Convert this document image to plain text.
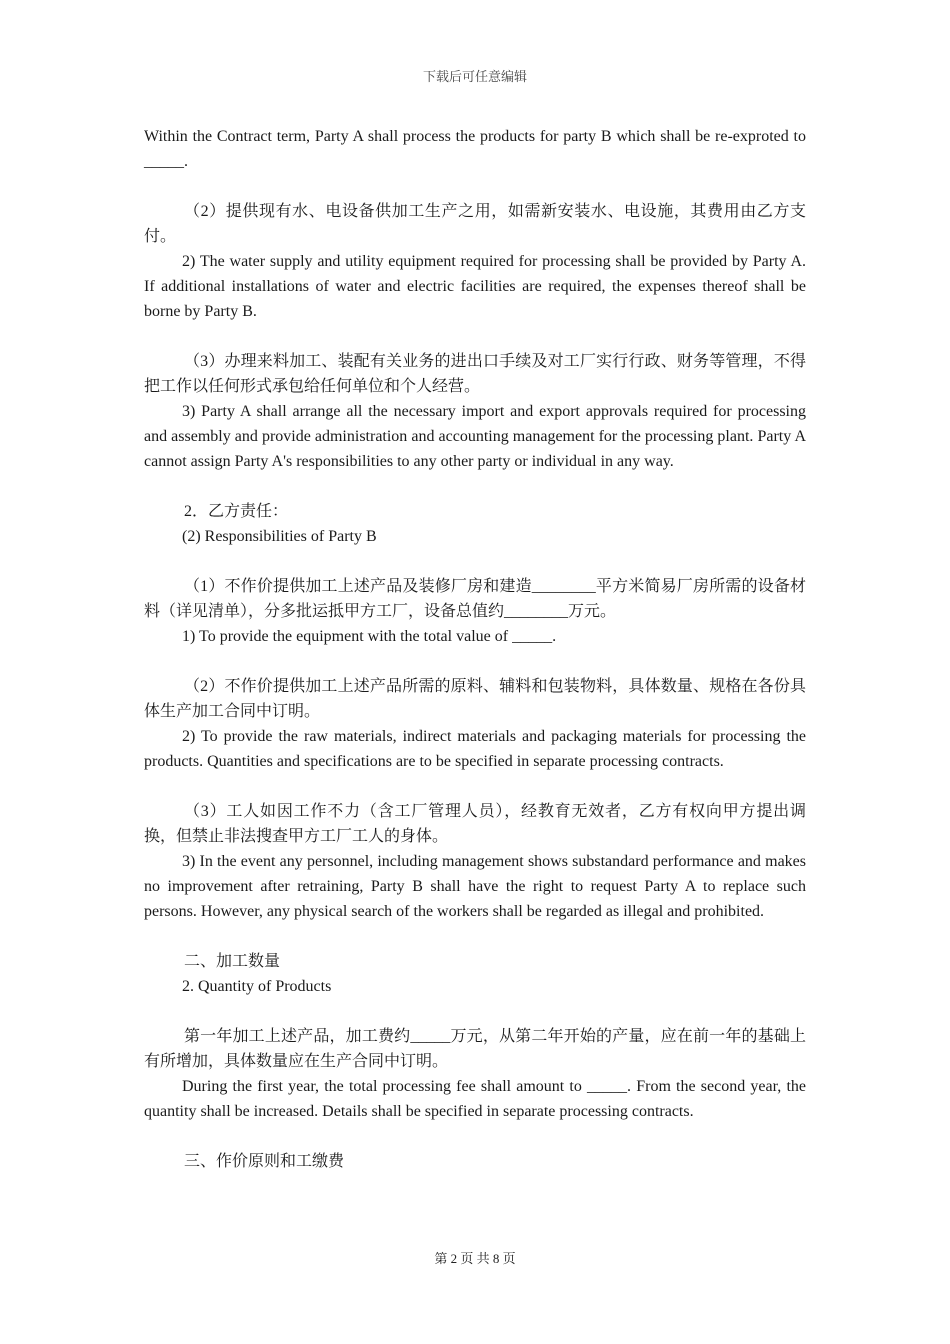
下载后可任意编辑

Within the Contract term, Party A shall process the products for party B which shall be re-exproted to _____.

（2）提供现有水、电设备供加工生产之用，如需新安装水、电设施，其费用由乙方支付。

2) The water supply and utility equipment required for processing shall be provided by Party A. If additional installations of water and electric facilities are required, the expenses thereof shall be borne by Party B.

（3）办理来料加工、装配有关业务的进出口手续及对工厂实行行政、财务等管理，不得把工作以任何形式承包给任何单位和个人经营。

3) Party A shall arrange all the necessary import and export approvals required for processing and assembly and provide administration and accounting management for the processing plant. Party A cannot assign Party A's responsibilities to any other party or individual in any way.

2．乙方责任：

(2) Responsibilities of Party B

（1）不作价提供加工上述产品及装修厂房和建造________平方米简易厂房所需的设备材料（详见清单），分多批运抵甲方工厂，设备总值约________万元。

1) To provide the equipment with the total value of _____.

（2）不作价提供加工上述产品所需的原料、辅料和包装物料，具体数量、规格在各份具体生产加工合同中订明。

2) To provide the raw materials, indirect materials and packaging materials for processing the products. Quantities and specifications are to be specified in separate processing contracts.

（3）工人如因工作不力（含工厂管理人员），经教育无效者，乙方有权向甲方提出调换，但禁止非法搜查甲方工厂工人的身体。

3) In the event any personnel, including management shows substandard performance and makes no improvement after retraining, Party B shall have the right to request Party A to replace such persons. However, any physical search of the workers shall be regarded as illegal and prohibited.

二、加工数量

2. Quantity of Products

第一年加工上述产品，加工费约_____万元，从第二年开始的产量，应在前一年的基础上有所增加，具体数量应在生产合同中订明。

During the first year, the total processing fee shall amount to _____. From the second year, the quantity shall be increased. Details shall be specified in separate processing contracts.

三、作价原则和工缴费

第 2 页 共 8 页
